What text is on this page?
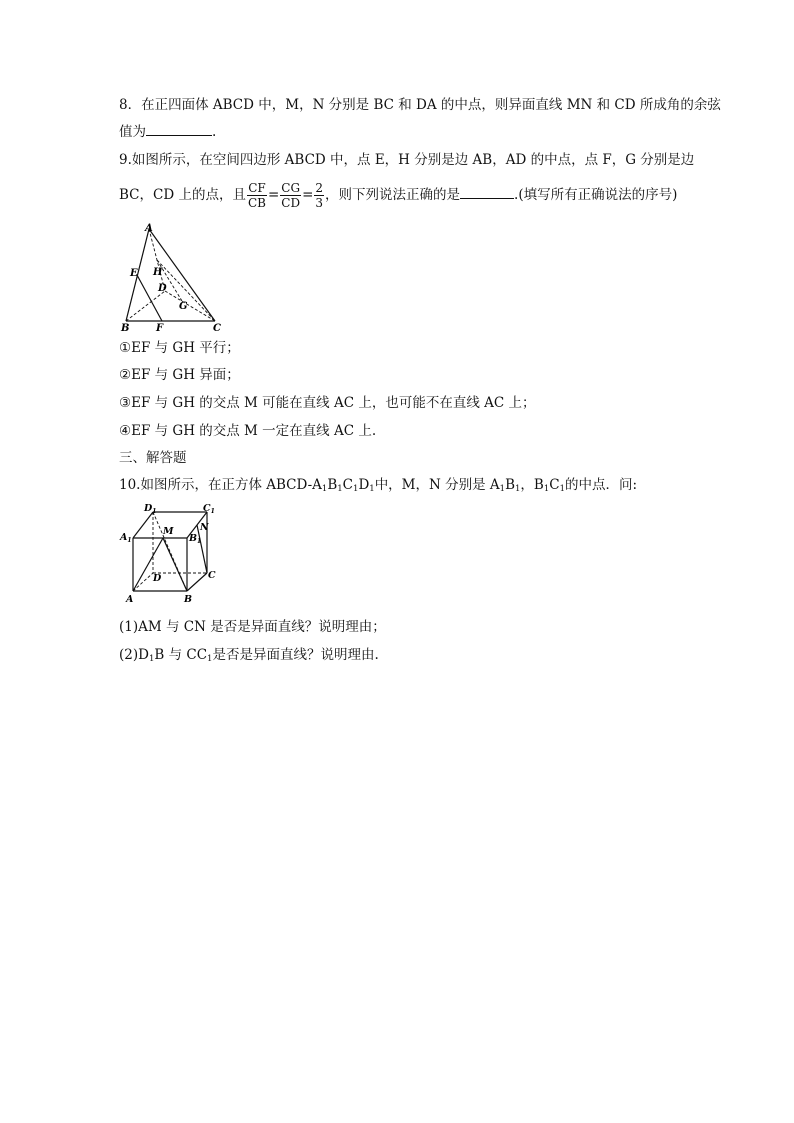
8．在正四面体 ABCD 中，M，N 分别是 BC 和 DA 的中点，则异面直线 MN 和 CD 所成角的余弦
值为	.
9.如图所示，在空间四边形 ABCD 中，点 E，H 分别是边 AB，AD 的中点，点 F，G 分别是边
BC，CD 上的点，且 $\frac{CF}{CB} = \frac{CG}{CD} = \frac{2}{3}$ ，则下列说法正确的是	.(填写所有正确说法的序号)
A
E H
D
G
B	F	C
①EF 与 GH 平行；
②EF 与 GH 异面；
③EF 与 GH 的交点 M 可能在直线 AC 上，也可能不在直线 AC 上；
④EF 与 GH 的交点 M 一定在直线 AC 上.
三、解答题
10.如图所示，在正方体 ABCD-$A_1B_1C_1D_1$中，M，N 分别是 $A_1B_1$，$B_1C_1$的中点．问:
$D_1$	$C_1$
$A_1$
M
$B_1$
N
D	C
A	B
(1)AM 与 CN 是否是异面直线？说明理由；
$(2)D_1B$ 与 $CC_1$是否是异面直线？说明理由.
